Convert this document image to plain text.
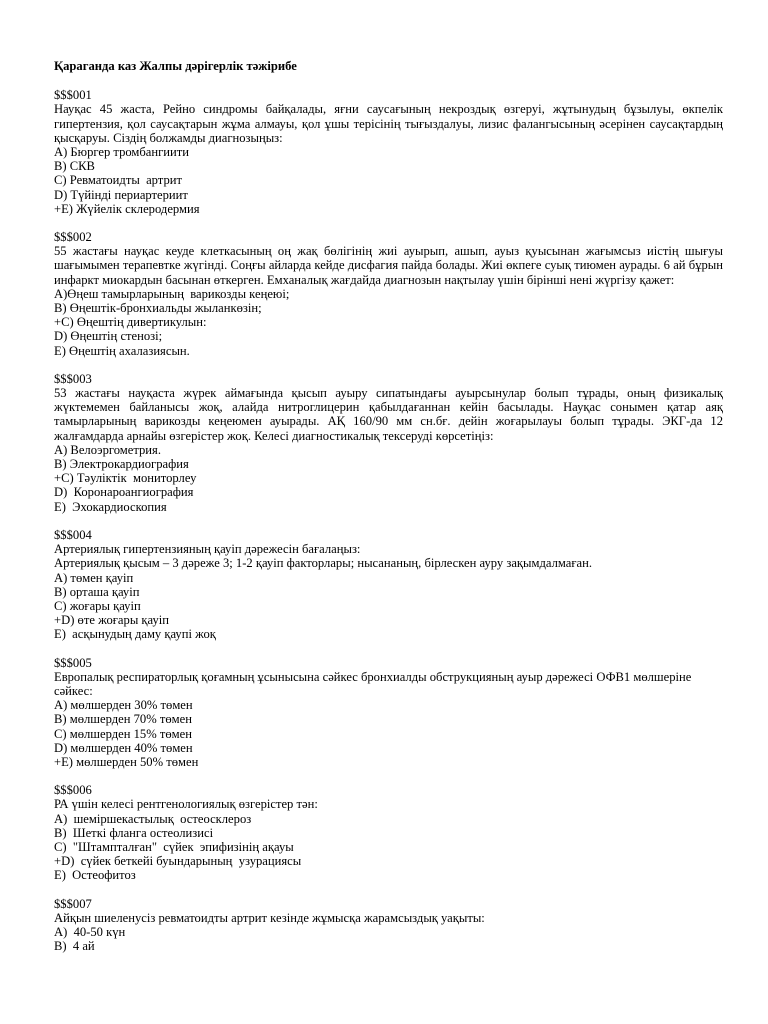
Қараганда каз Жалпы дәрігерлік тәжірибе
$$$001
Науқас 45 жаста, Рейно синдромы байқалады, яғни саусағының некроздық өзгеруі, жұтынудың бұзылуы, өкпелік гипертензия, қол саусақтарын жұма алмауы, қол ұшы терісінің тығыздалуы, лизис фалангысының әсерінен саусақтардың қысқаруы. Сіздің болжамды диагнозыңыз:
A) Бюргер тромбангиити
B) СКВ
C) Ревматоидты  артрит
D) Түйінді периартериит
+E) Жүйелік склеродермия
$$$002
55 жастағы науқас кеуде клеткасының оң жақ бөлігінің жиі ауырып, ашып, ауыз қуысынан жағымсыз иістің шығуы шағымымен терапевтке жүгінді. Соңғы айларда кейде дисфагия пайда болады. Жиі өкпеге суық тиюмен аурады. 6 ай бұрын инфаркт миокардын басынан өткерген. Емханалық жағдайда диагнозын нақтылау үшін бірінші нені жүргізу қажет:
A)Өңеш тамырларының  варикозды кеңеюі;
B) Өңештік-бронхиальды жыланкөзін;
+C) Өңештің дивертикулын:
D) Өңештің стенозі;
E) Өңештің ахалазиясын.
$$$003
53 жастағы науқаста жүрек аймағында қысып ауыру сипатындағы ауырсынулар болып тұрады, оның физикалық жүктемемен байланысы жоқ, алайда нитроглицерин қабылдағаннан кейін басылады. Науқас сонымен қатар аяқ тамырларының варикозды кеңеюмен ауырады. АҚ 160/90 мм сн.бғ. дейін жоғарылауы болып тұрады. ЭКГ-да 12 жалғамдарда арнайы өзгерістер жоқ. Келесі диагностикалық тексеруді көрсетіңіз:
A) Велоэргометрия.
B) Электрокардиография
+C) Тәуліктік  мониторлеу
D)  Коронароангиография
E)  Эхокардиоскопия
$$$004
Артериялық гипертензияның қауіп дәрежесін бағалаңыз:
Артериялық қысым – 3 дәреже 3; 1-2 қауіп факторлары; нысананың, бірлескен ауру зақымдалмаған.
A) төмен қауіп
B) орташа қауіп
C) жоғары қауіп
+D) өте жоғары қауіп
E)  асқынудың даму қаупі жоқ
$$$005
Европалық респираторлық қоғамның ұсынысына сәйкес бронхиалды обструкцияның ауыр дәрежесі ОФВ1 мөлшеріне сәйкес:
A) мөлшерден 30% төмен
B) мөлшерден 70% төмен
C) мөлшерден 15% төмен
D) мөлшерден 40% төмен
+E) мөлшерден 50% төмен
$$$006
РА үшін келесі рентгенологиялық өзгерістер тән:
A)  шеміршекастылық  остеосклероз
B)  Шеткі фланга остеолизисі
C)  "Штампталған"  сүйек  эпифизінің ақауы
+D)  сүйек беткейі буындарының  узурациясы
E)  Остеофитоз
$$$007
Айқын шиеленусіз ревматоидты артрит кезінде жұмысқа жарамсыздық уақыты:
A)  40-50 күн
B)  4 ай
